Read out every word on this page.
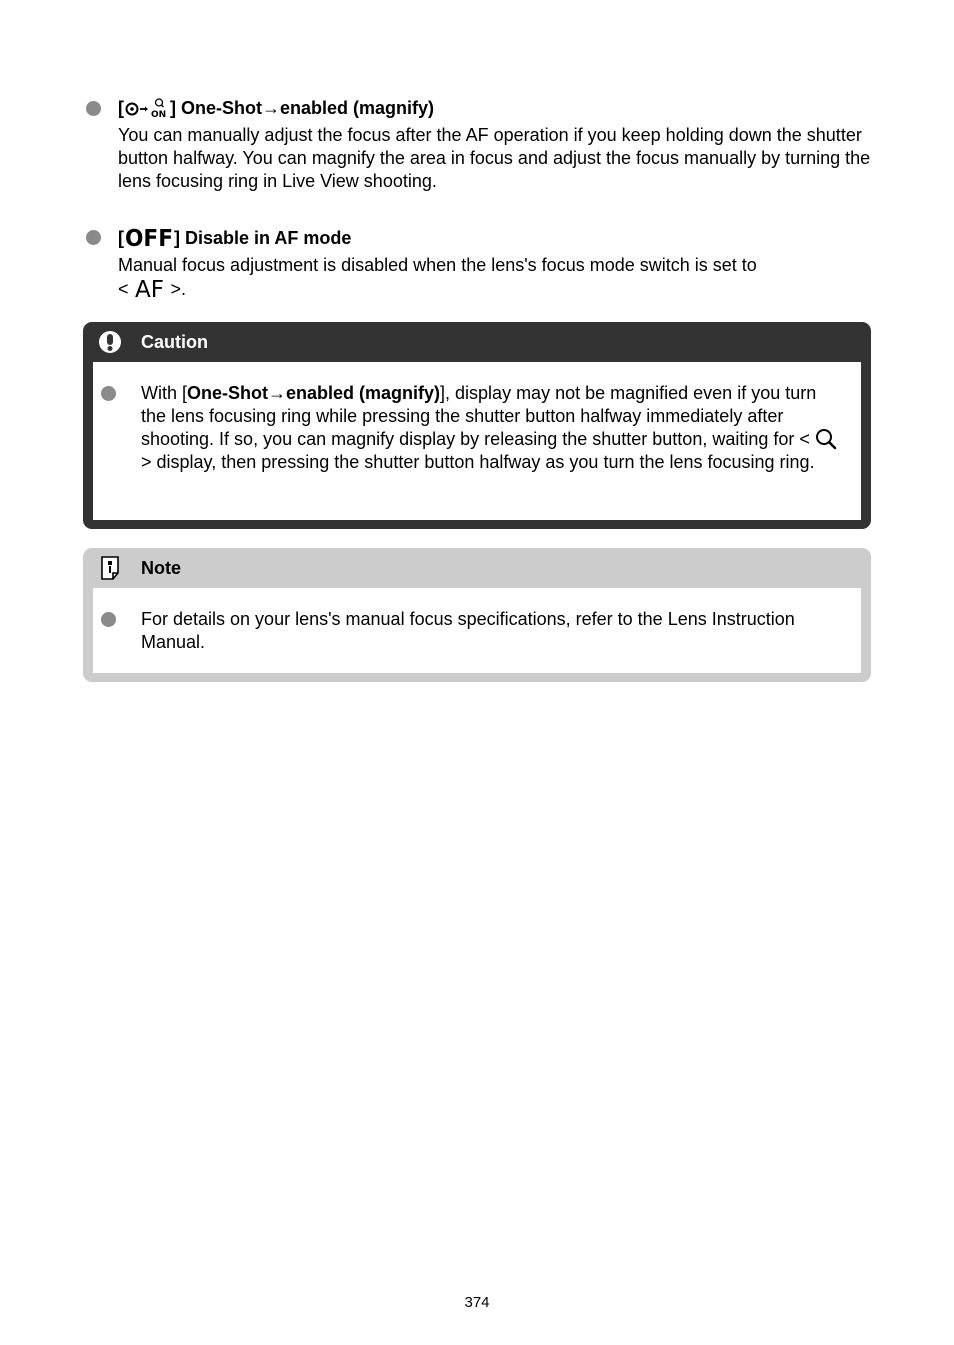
[	ON ] One-Shot→enabled (magnify)

You can manually adjust the focus after the AF operation if you keep holding down the shutter button halfway. You can magnify the area in focus and adjust the focus manually by turning the lens focusing ring in Live View shooting.

[ OFF ] Disable in AF mode

Manual focus adjustment is disabled when the lens's focus mode switch is set to
< AF >.

Caution

With [One-Shot→enabled (magnify)], display may not be magnified even if you turn the lens focusing ring while pressing the shutter button halfway immediately after shooting. If so, you can magnify display by releasing the shutter button, waiting for <  > display, then pressing the shutter button halfway as you turn the lens focusing ring.

Note

For details on your lens's manual focus specifications, refer to the Lens Instruction Manual.

374
